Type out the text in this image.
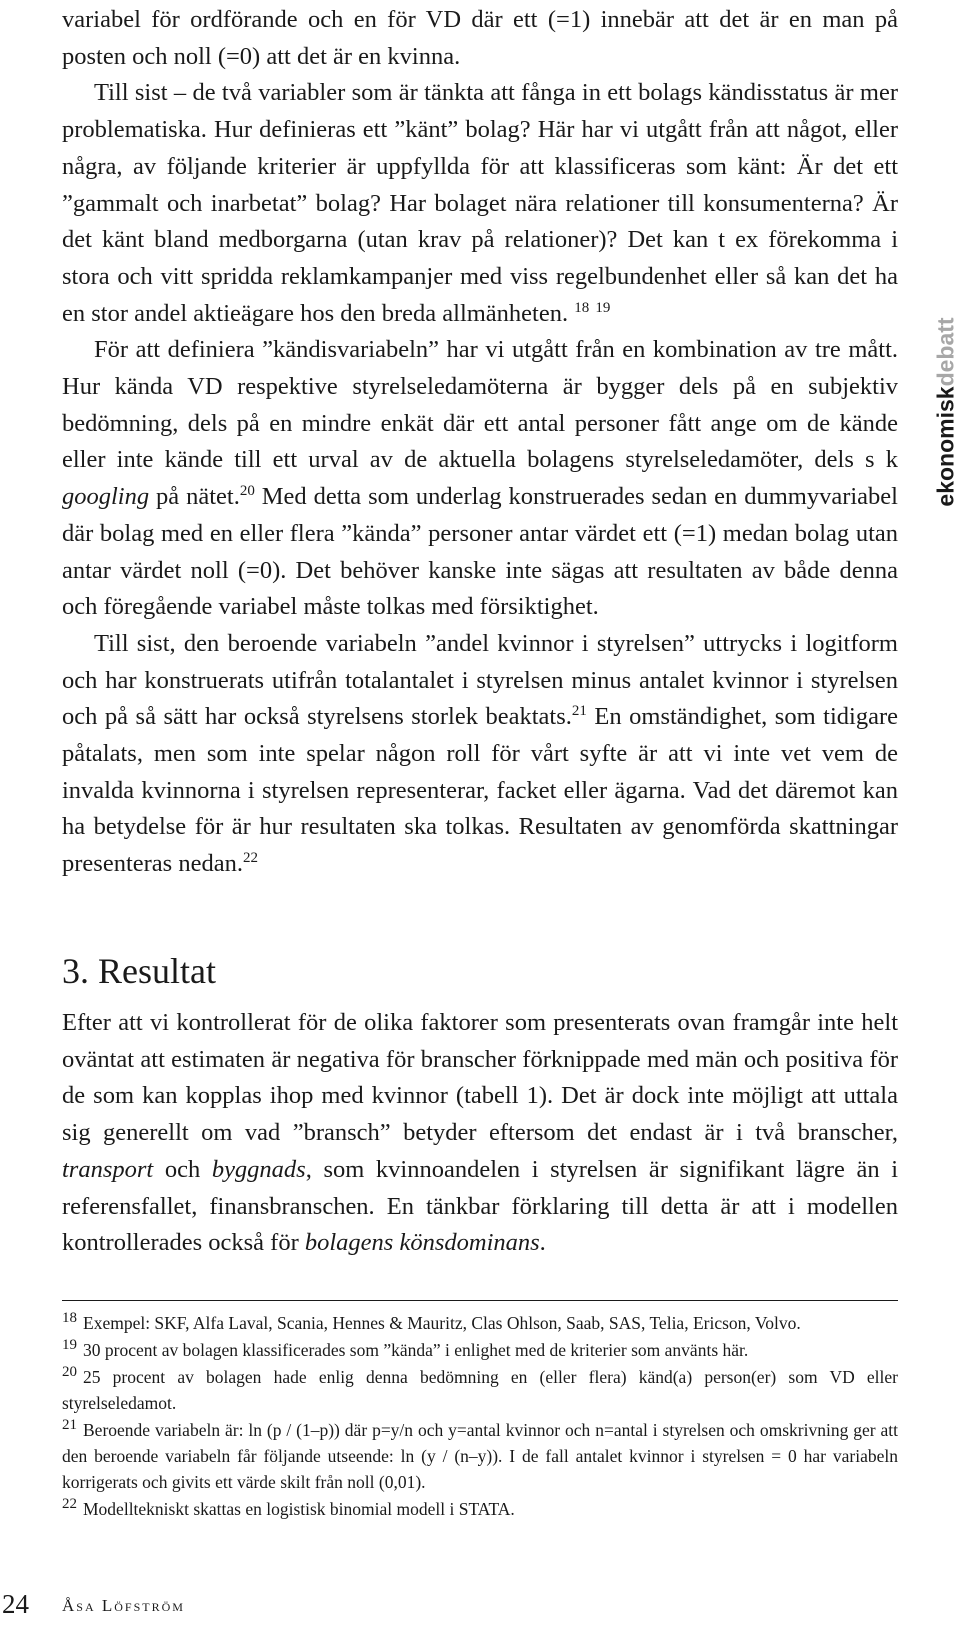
variabel för ordförande och en för VD där ett (=1) innebär att det är en man på posten och noll (=0) att det är en kvinna.

Till sist – de två variabler som är tänkta att fånga in ett bolags kändisstatus är mer problematiska. Hur definieras ett ”känt” bolag? Här har vi utgått från att något, eller några, av följande kriterier är uppfyllda för att klassificeras som känt: Är det ett ”gammalt och inarbetat” bolag? Har bolaget nära relationer till konsumenterna? Är det känt bland medborgarna (utan krav på relationer)? Det kan t ex förekomma i stora och vitt spridda reklamkampanjer med viss regelbundenhet eller så kan det ha en stor andel aktieägare hos den breda allmänheten. $^{18}$ $^{19}$

För att definiera ”kändisvariabeln” har vi utgått från en kombination av tre mått. Hur kända VD respektive styrelseledamöterna är bygger dels på en subjektiv bedömning, dels på en mindre enkät där ett antal personer fått ange om de kände eller inte kände till ett urval av de aktuella bolagens styrelseledamöter, dels s k googling på nätet.$^{20}$ Med detta som underlag konstruerades sedan en dummyvariabel där bolag med en eller flera ”kända” personer antar värdet ett (=1) medan bolag utan antar värdet noll (=0). Det behöver kanske inte sägas att resultaten av både denna och föregående variabel måste tolkas med försiktighet.

Till sist, den beroende variabeln ”andel kvinnor i styrelsen” uttrycks i logitform och har konstruerats utifrån totalantalet i styrelsen minus antalet kvinnor i styrelsen och på så sätt har också styrelsens storlek beaktats.$^{21}$ En omständighet, som tidigare påtalats, men som inte spelar någon roll för vårt syfte är att vi inte vet vem de invalda kvinnorna i styrelsen representerar, facket eller ägarna. Vad det däremot kan ha betydelse för är hur resultaten ska tolkas. Resultaten av genomförda skattningar presenteras nedan.$^{22}$

3. Resultat

Efter att vi kontrollerat för de olika faktorer som presenterats ovan framgår inte helt oväntat att estimaten är negativa för branscher förknippade med män och positiva för de som kan kopplas ihop med kvinnor (tabell 1). Det är dock inte möjligt att uttala sig generellt om vad ”bransch” betyder eftersom det endast är i två branscher, transport och byggnads, som kvinnoandelen i styrelsen är signifikant lägre än i referensfallet, finansbranschen. En tänkbar förklaring till detta är att i modellen kontrollerades också för bolagens könsdominans.

$^{18}$ Exempel: SKF, Alfa Laval, Scania, Hennes & Mauritz, Clas Ohlson, Saab, SAS, Telia, Ericson, Volvo.

$^{19}$ 30 procent av bolagen klassificerades som ”kända” i enlighet med de kriterier som använts här.

$^{20}$ 25 procent av bolagen hade enlig denna bedömning en (eller flera) känd(a) person(er) som VD eller styrelseledamot.

$^{21}$ Beroende variabeln är: ln (p / (1–p)) där p=y/n och y=antal kvinnor och n=antal i styrelsen och omskrivning ger att den beroende variabeln får följande utseende: ln (y / (n–y)). I de fall antalet kvinnor i styrelsen = 0 har variabeln korrigerats och givits ett värde skilt från noll (0,01).

$^{22}$ Modelltekniskt skattas en logistisk binomial modell i STATA.

ekonomiskdebatt
24 Åsa Löfström
